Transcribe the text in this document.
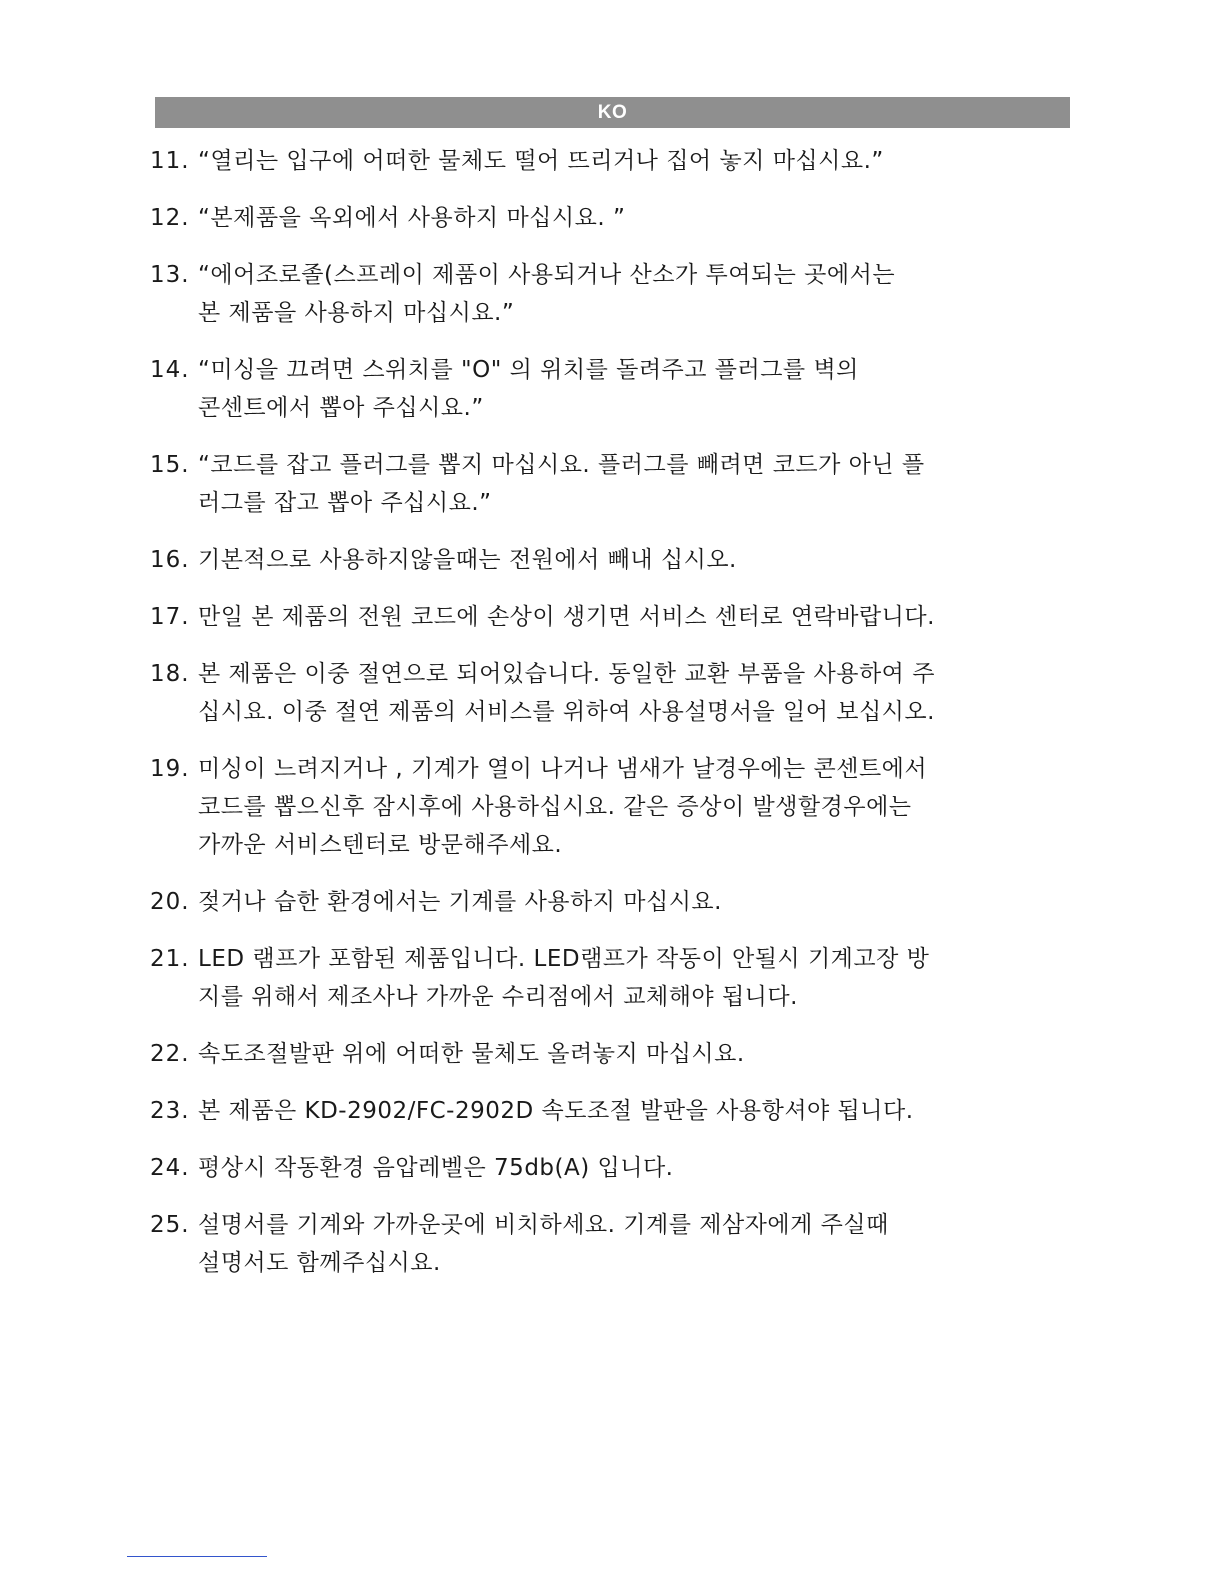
KO
11. “열리는 입구에 어떠한 물체도 떨어 뜨리거나 집어 놓지 마십시요.”
12. “본제품을 옥외에서 사용하지 마십시요. ”
13. “에어조로졸(스프레이 제품이 사용되거나 산소가 투여되는 곳에서는
본 제품을 사용하지 마십시요.”
14. “미싱을 끄려면 스위치를 "O" 의 위치를 돌려주고 플러그를 벽의
콘센트에서 뽑아 주십시요.”
15. “코드를 잡고 플러그를 뽑지 마십시요. 플러그를 빼려면 코드가 아닌 플
러그를 잡고 뽑아 주십시요.”
16. 기본적으로 사용하지않을때는 전원에서 빼내 십시오.
17. 만일 본 제품의 전원 코드에 손상이 생기면 서비스 센터로 연락바랍니다.
18. 본 제품은 이중 절연으로 되어있습니다. 동일한 교환 부품을 사용하여 주
십시요. 이중 절연 제품의 서비스를 위하여 사용설명서을 일어 보십시오.
19. 미싱이 느려지거나 , 기계가 열이 나거나 냄새가 날경우에는 콘센트에서
코드를 뽑으신후 잠시후에 사용하십시요. 같은 증상이 발생할경우에는
가까운 서비스텐터로 방문해주세요.
20. 젖거나 습한 환경에서는 기계를 사용하지 마십시요.
21. LED 램프가 포함된 제품입니다. LED램프가 작동이 안될시 기계고장 방
지를 위해서 제조사나 가까운 수리점에서 교체해야 됩니다.
22. 속도조절발판 위에 어떠한 물체도 올려놓지 마십시요.
23. 본 제품은 KD-2902/FC-2902D 속도조절 발판을 사용항셔야 됩니다.
24. 평상시 작동환경 음압레벨은 75db(A) 입니다.
25. 설명서를 기계와 가까운곳에 비치하세요. 기계를 제삼자에게 주실때
설명서도 함께주십시요.
